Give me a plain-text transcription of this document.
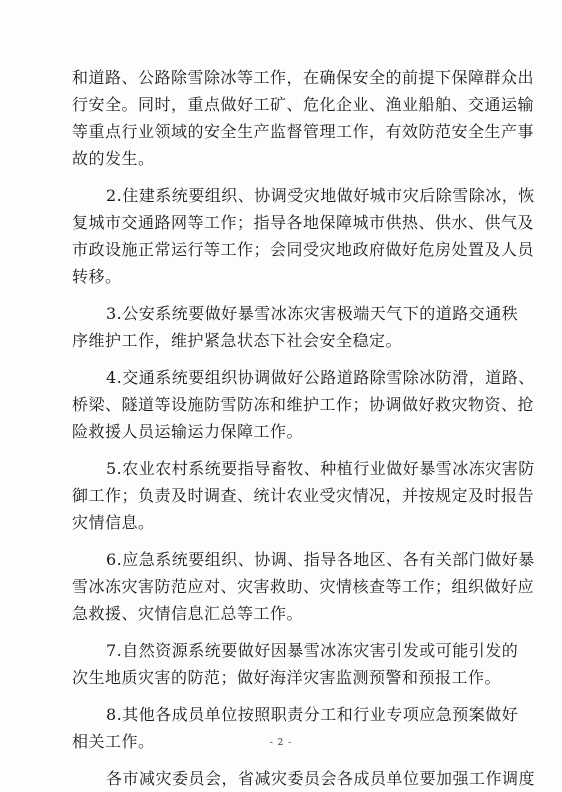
和道路、公路除雪除冰等工作，在确保安全的前提下保障群众出
行安全。同时，重点做好工矿、危化企业、渔业船舶、交通运输
等重点行业领域的安全生产监督管理工作，有效防范安全生产事
故的发生。
2.住建系统要组织、协调受灾地做好城市灾后除雪除冰，恢
复城市交通路网等工作；指导各地保障城市供热、供水、供气及
市政设施正常运行等工作；会同受灾地政府做好危房处置及人员
转移。
3.公安系统要做好暴雪冰冻灾害极端天气下的道路交通秩
序维护工作，维护紧急状态下社会安全稳定。
4.交通系统要组织协调做好公路道路除雪除冰防滑，道路、
桥梁、隧道等设施防雪防冻和维护工作；协调做好救灾物资、抢
险救援人员运输运力保障工作。
5.农业农村系统要指导畜牧、种植行业做好暴雪冰冻灾害防
御工作；负责及时调查、统计农业受灾情况，并按规定及时报告
灾情信息。
6.应急系统要组织、协调、指导各地区、各有关部门做好暴
雪冰冻灾害防范应对、灾害救助、灾情核查等工作；组织做好应
急救援、灾情信息汇总等工作。
7.自然资源系统要做好因暴雪冰冻灾害引发或可能引发的
次生地质灾害的防范；做好海洋灾害监测预警和预报工作。
8.其他各成员单位按照职责分工和行业专项应急预案做好
相关工作。
各市减灾委员会，省减灾委员会各成员单位要加强工作调度
- 2 -
